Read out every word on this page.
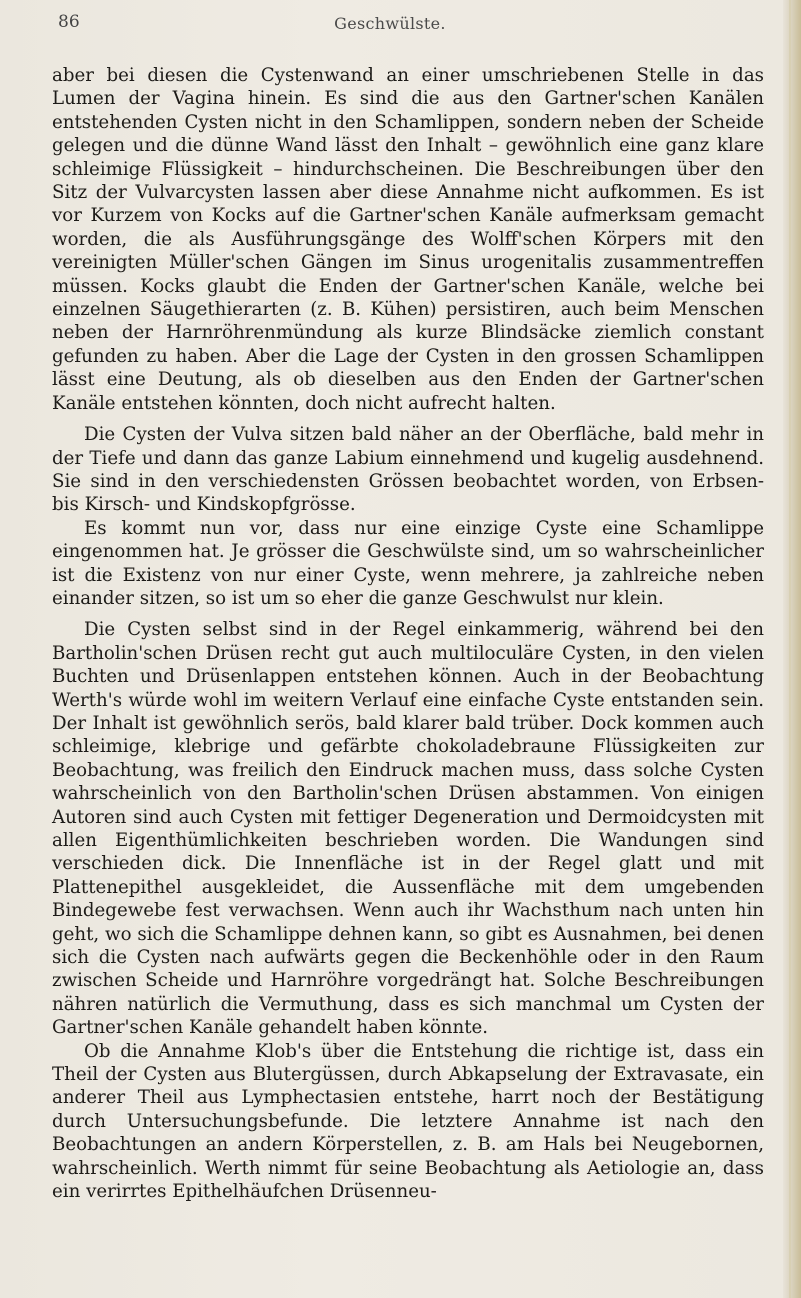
86	Geschwülste.

aber bei diesen die Cystenwand an einer umschriebenen Stelle in das Lumen der Vagina hinein. Es sind die aus den Gartner'schen Kanälen entstehenden Cysten nicht in den Schamlippen, sondern neben der Scheide gelegen und die dünne Wand lässt den Inhalt – gewöhnlich eine ganz klare schleimige Flüssigkeit – hindurchscheinen. Die Beschreibungen über den Sitz der Vulvarcysten lassen aber diese Annahme nicht aufkommen. Es ist vor Kurzem von Kocks auf die Gartner'schen Kanäle aufmerksam gemacht worden, die als Ausführungsgänge des Wolff'schen Körpers mit den vereinigten Müller'schen Gängen im Sinus urogenitalis zusammentreffen müssen. Kocks glaubt die Enden der Gartner'schen Kanäle, welche bei einzelnen Säugethierarten (z. B. Kühen) persistiren, auch beim Menschen neben der Harnröhrenmündung als kurze Blindsäcke ziemlich constant gefunden zu haben. Aber die Lage der Cysten in den grossen Schamlippen lässt eine Deutung, als ob dieselben aus den Enden der Gartner'schen Kanäle entstehen könnten, doch nicht aufrecht halten.

Die Cysten der Vulva sitzen bald näher an der Oberfläche, bald mehr in der Tiefe und dann das ganze Labium einnehmend und kugelig ausdehnend. Sie sind in den verschiedensten Grössen beobachtet worden, von Erbsen- bis Kirsch- und Kindskopfgrösse.

Es kommt nun vor, dass nur eine einzige Cyste eine Schamlippe eingenommen hat. Je grösser die Geschwülste sind, um so wahrscheinlicher ist die Existenz von nur einer Cyste, wenn mehrere, ja zahlreiche neben einander sitzen, so ist um so eher die ganze Geschwulst nur klein.

Die Cysten selbst sind in der Regel einkammerig, während bei den Bartholin'schen Drüsen recht gut auch multiloculäre Cysten, in den vielen Buchten und Drüsenlappen entstehen können. Auch in der Beobachtung Werth's würde wohl im weitern Verlauf eine einfache Cyste entstanden sein. Der Inhalt ist gewöhnlich serös, bald klarer bald trüber. Dock kommen auch schleimige, klebrige und gefärbte chokoladebraune Flüssigkeiten zur Beobachtung, was freilich den Eindruck machen muss, dass solche Cysten wahrscheinlich von den Bartholin'schen Drüsen abstammen. Von einigen Autoren sind auch Cysten mit fettiger Degeneration und Dermoidcysten mit allen Eigenthümlichkeiten beschrieben worden. Die Wandungen sind verschieden dick. Die Innenfläche ist in der Regel glatt und mit Plattenepithel ausgekleidet, die Aussenfläche mit dem umgebenden Bindegewebe fest verwachsen. Wenn auch ihr Wachsthum nach unten hin geht, wo sich die Schamlippe dehnen kann, so gibt es Ausnahmen, bei denen sich die Cysten nach aufwärts gegen die Beckenhöhle oder in den Raum zwischen Scheide und Harnröhre vorgedrängt hat. Solche Beschreibungen nähren natürlich die Vermuthung, dass es sich manchmal um Cysten der Gartner'schen Kanäle gehandelt haben könnte.

Ob die Annahme Klob's über die Entstehung die richtige ist, dass ein Theil der Cysten aus Blutergüssen, durch Abkapselung der Extravasate, ein anderer Theil aus Lymphectasien entstehe, harrt noch der Bestätigung durch Untersuchungsbefunde. Die letztere Annahme ist nach den Beobachtungen an andern Körperstellen, z. B. am Hals bei Neugebornen, wahrscheinlich. Werth nimmt für seine Beobachtung als Aetiologie an, dass ein verirrtes Epithelhäufchen Drüsenneu-
